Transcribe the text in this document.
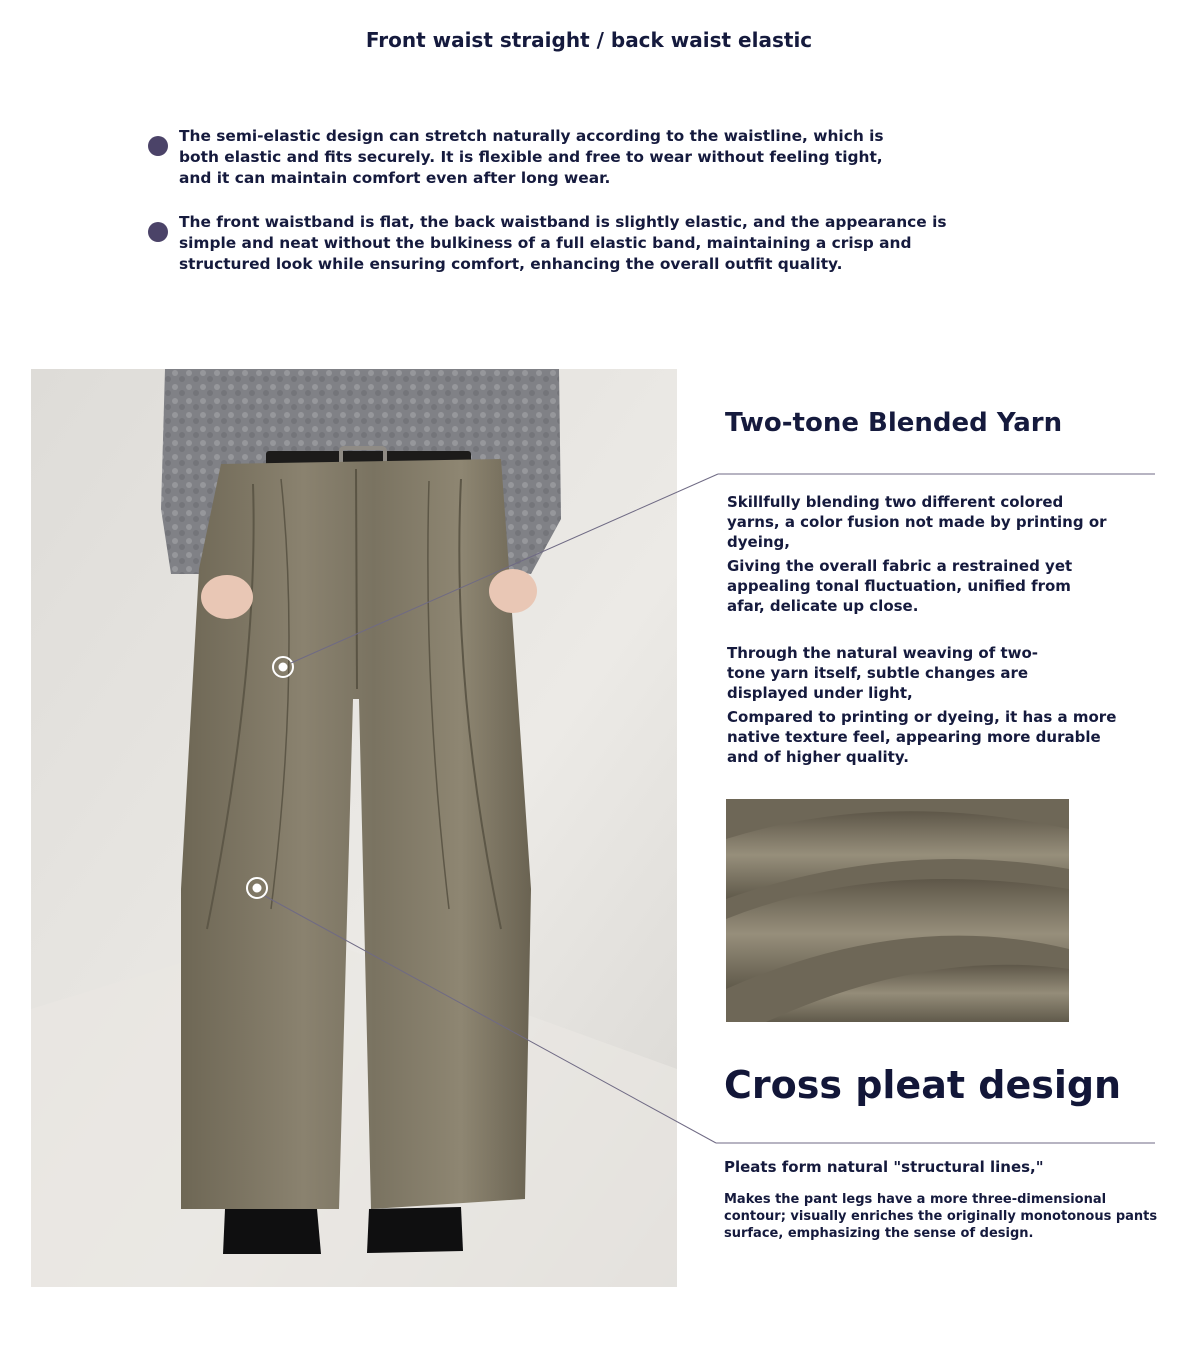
Front waist straight / back waist elastic
The semi-elastic design can stretch naturally according to the waistline, which is
both elastic and fits securely. It is flexible and free to wear without feeling tight,
and it can maintain comfort even after long wear.
The front waistband is flat, the back waistband is slightly elastic, and the appearance is
simple and neat without the bulkiness of a full elastic band, maintaining a crisp and
structured look while ensuring comfort, enhancing the overall outfit quality.
Two-tone Blended Yarn
Skillfully blending two different colored
yarns, a color fusion not made by printing or
dyeing,
Giving the overall fabric a restrained yet
appealing tonal fluctuation, unified from
afar, delicate up close.
Through the natural weaving of two-
tone yarn itself, subtle changes are
displayed under light,
Compared to printing or dyeing, it has a more
native texture feel, appearing more durable
and of higher quality.
Cross pleat design
Pleats form natural "structural lines,"
Makes the pant legs have a more three-dimensional
contour; visually enriches the originally monotonous pants
surface, emphasizing the sense of design.
